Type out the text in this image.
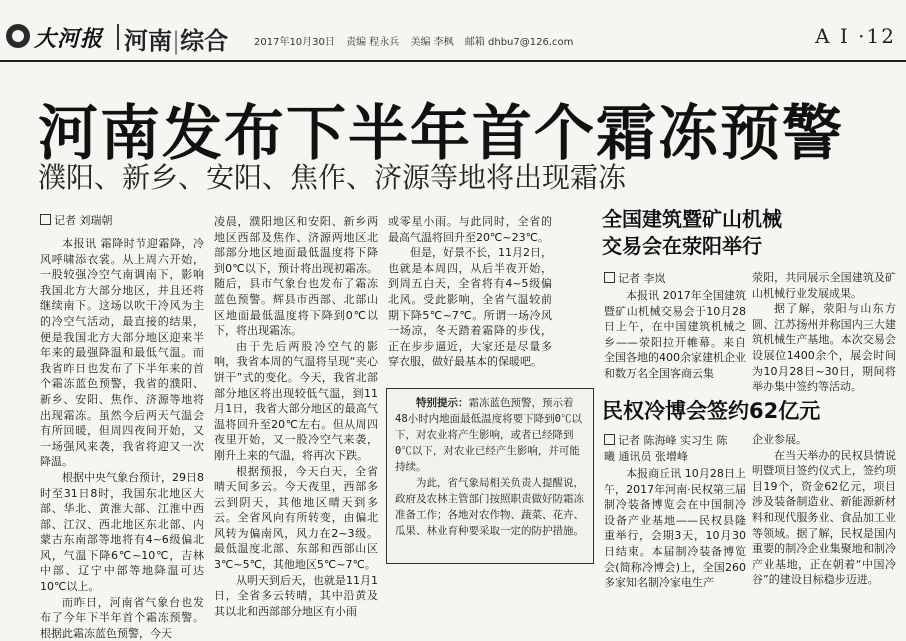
大河报 河南|综合	2017年10月30日 责编 程永兵 美编 李枫 邮箱 dhbu7@126.com	A I ·12
河南发布下半年首个霜冻预警
濮阳、新乡、安阳、焦作、济源等地将出现霜冻
记者 刘瑞朝

本报讯 霜降时节迎霜降，冷风呼啸添衣裳。从上周六开始，一股较强冷空气南调南下，影响我国北方大部分地区，并且还将继续南下。这场以吹干冷风为主的冷空气活动，最直接的结果，便是我国北方大部分地区迎来半年来的最强降温和最低气温。而我省昨日也发布了下半年来的首个霜冻蓝色预警，我省的濮阳、新乡、安阳、焦作、济源等地将出现霜冻。虽然今后两天气温会有所回暖，但周四夜间开始，又一场强风来袭，我省将迎又一次降温。

根据中央气象台预计，29日8时至31日8时，我国东北地区大部、华北、黄淮大部、江淮中西部、江汉、西北地区东北部、内蒙古东南部等地将有4~6级偏北风，气温下降6℃~10℃，吉林中部、辽宁中部等地降温可达10℃以上。

而昨日，河南省气象台也发布了今年下半年首个霜冻预警。根据此霜冻蓝色预警，今天

凌晨，濮阳地区和安阳、新乡两地区西部及焦作、济源两地区北部部分地区地面最低温度将下降到0℃以下，预计将出现初霜冻。随后，县市气象台也发布了霜冻蓝色预警。辉县市西部、北部山区地面最低温度将下降到0℃以下，将出现霜冻。

由于先后两股冷空气的影响，我省本周的气温将呈现“夹心饼干”式的变化。今天，我省北部部分地区将出现较低气温，到11月1日，我省大部分地区的最高气温将回升至20℃左右。但从周四夜里开始，又一股冷空气来袭，刚升上来的气温，将再次下跌。

根据预报，今天白天，全省晴天间多云。今天夜里，西部多云到阴天，其他地区晴天到多云。全省风向有所转变，由偏北风转为偏南风，风力在2~3级。最低温度北部、东部和西部山区3℃~5℃，其他地区5℃~7℃。

从明天到后天，也就是11月1日，全省多云转晴，其中沿黄及其以北和西部部分地区有小雨

或零星小雨。与此同时，全省的最高气温将回升至20℃~23℃。

但是，好景不长，11月2日，也就是本周四，从后半夜开始，到周五白天，全省将有4~5级偏北风。受此影响，全省气温较前期下降5℃~7℃。所谓一场冷风一场凉，冬天踏着霜降的步伐，正在步步逼近，大家还是尽量多穿衣服，做好最基本的保暖吧。

特别提示：霜冻蓝色预警，预示着48小时内地面最低温度将要下降到0℃以下，对农业将产生影响，或者已经降到0℃以下，对农业已经产生影响，并可能持续。

为此，省气象局相关负责人提醒说，政府及农林主管部门按照职责做好防霜冻准备工作；各地对农作物、蔬菜、花卉、瓜果、林业育种要采取一定的防护措施。

全国建筑暨矿山机械
交易会在荥阳举行
记者 李岚

本报讯 2017年全国建筑暨矿山机械交易会于10月28日上午，在中国建筑机械之乡——荥阳拉开帷幕。来自全国各地的400余家建机企业和数万名全国客商云集

荥阳，共同展示全国建筑及矿山机械行业发展成果。

据了解，荥阳与山东方圆、江苏扬州并称国内三大建筑机械生产基地。本次交易会设展位1400余个，展会时间为10月28日~30日，期间将举办集中签约等活动。

民权冷博会签约62亿元
记者 陈海峰 实习生 陈
曦 通讯员 张增峰

本报商丘讯 10月28日上午，2017年河南·民权第三届制冷装备博览会在中国制冷设备产业基地——民权县隆重举行，会期3天，10月30日结束。本届制冷装备博览会(简称冷博会)上，全国260多家知名制冷家电生产

企业参展。

在当天举办的民权县情说明暨项目签约仪式上，签约项目19个，资金62亿元，项目涉及装备制造业、新能源新材料和现代服务业、食品加工业等领域。据了解，民权是国内重要的制冷企业集聚地和制冷产业基地，正在朝着“中国冷谷”的建设目标稳步迈进。
